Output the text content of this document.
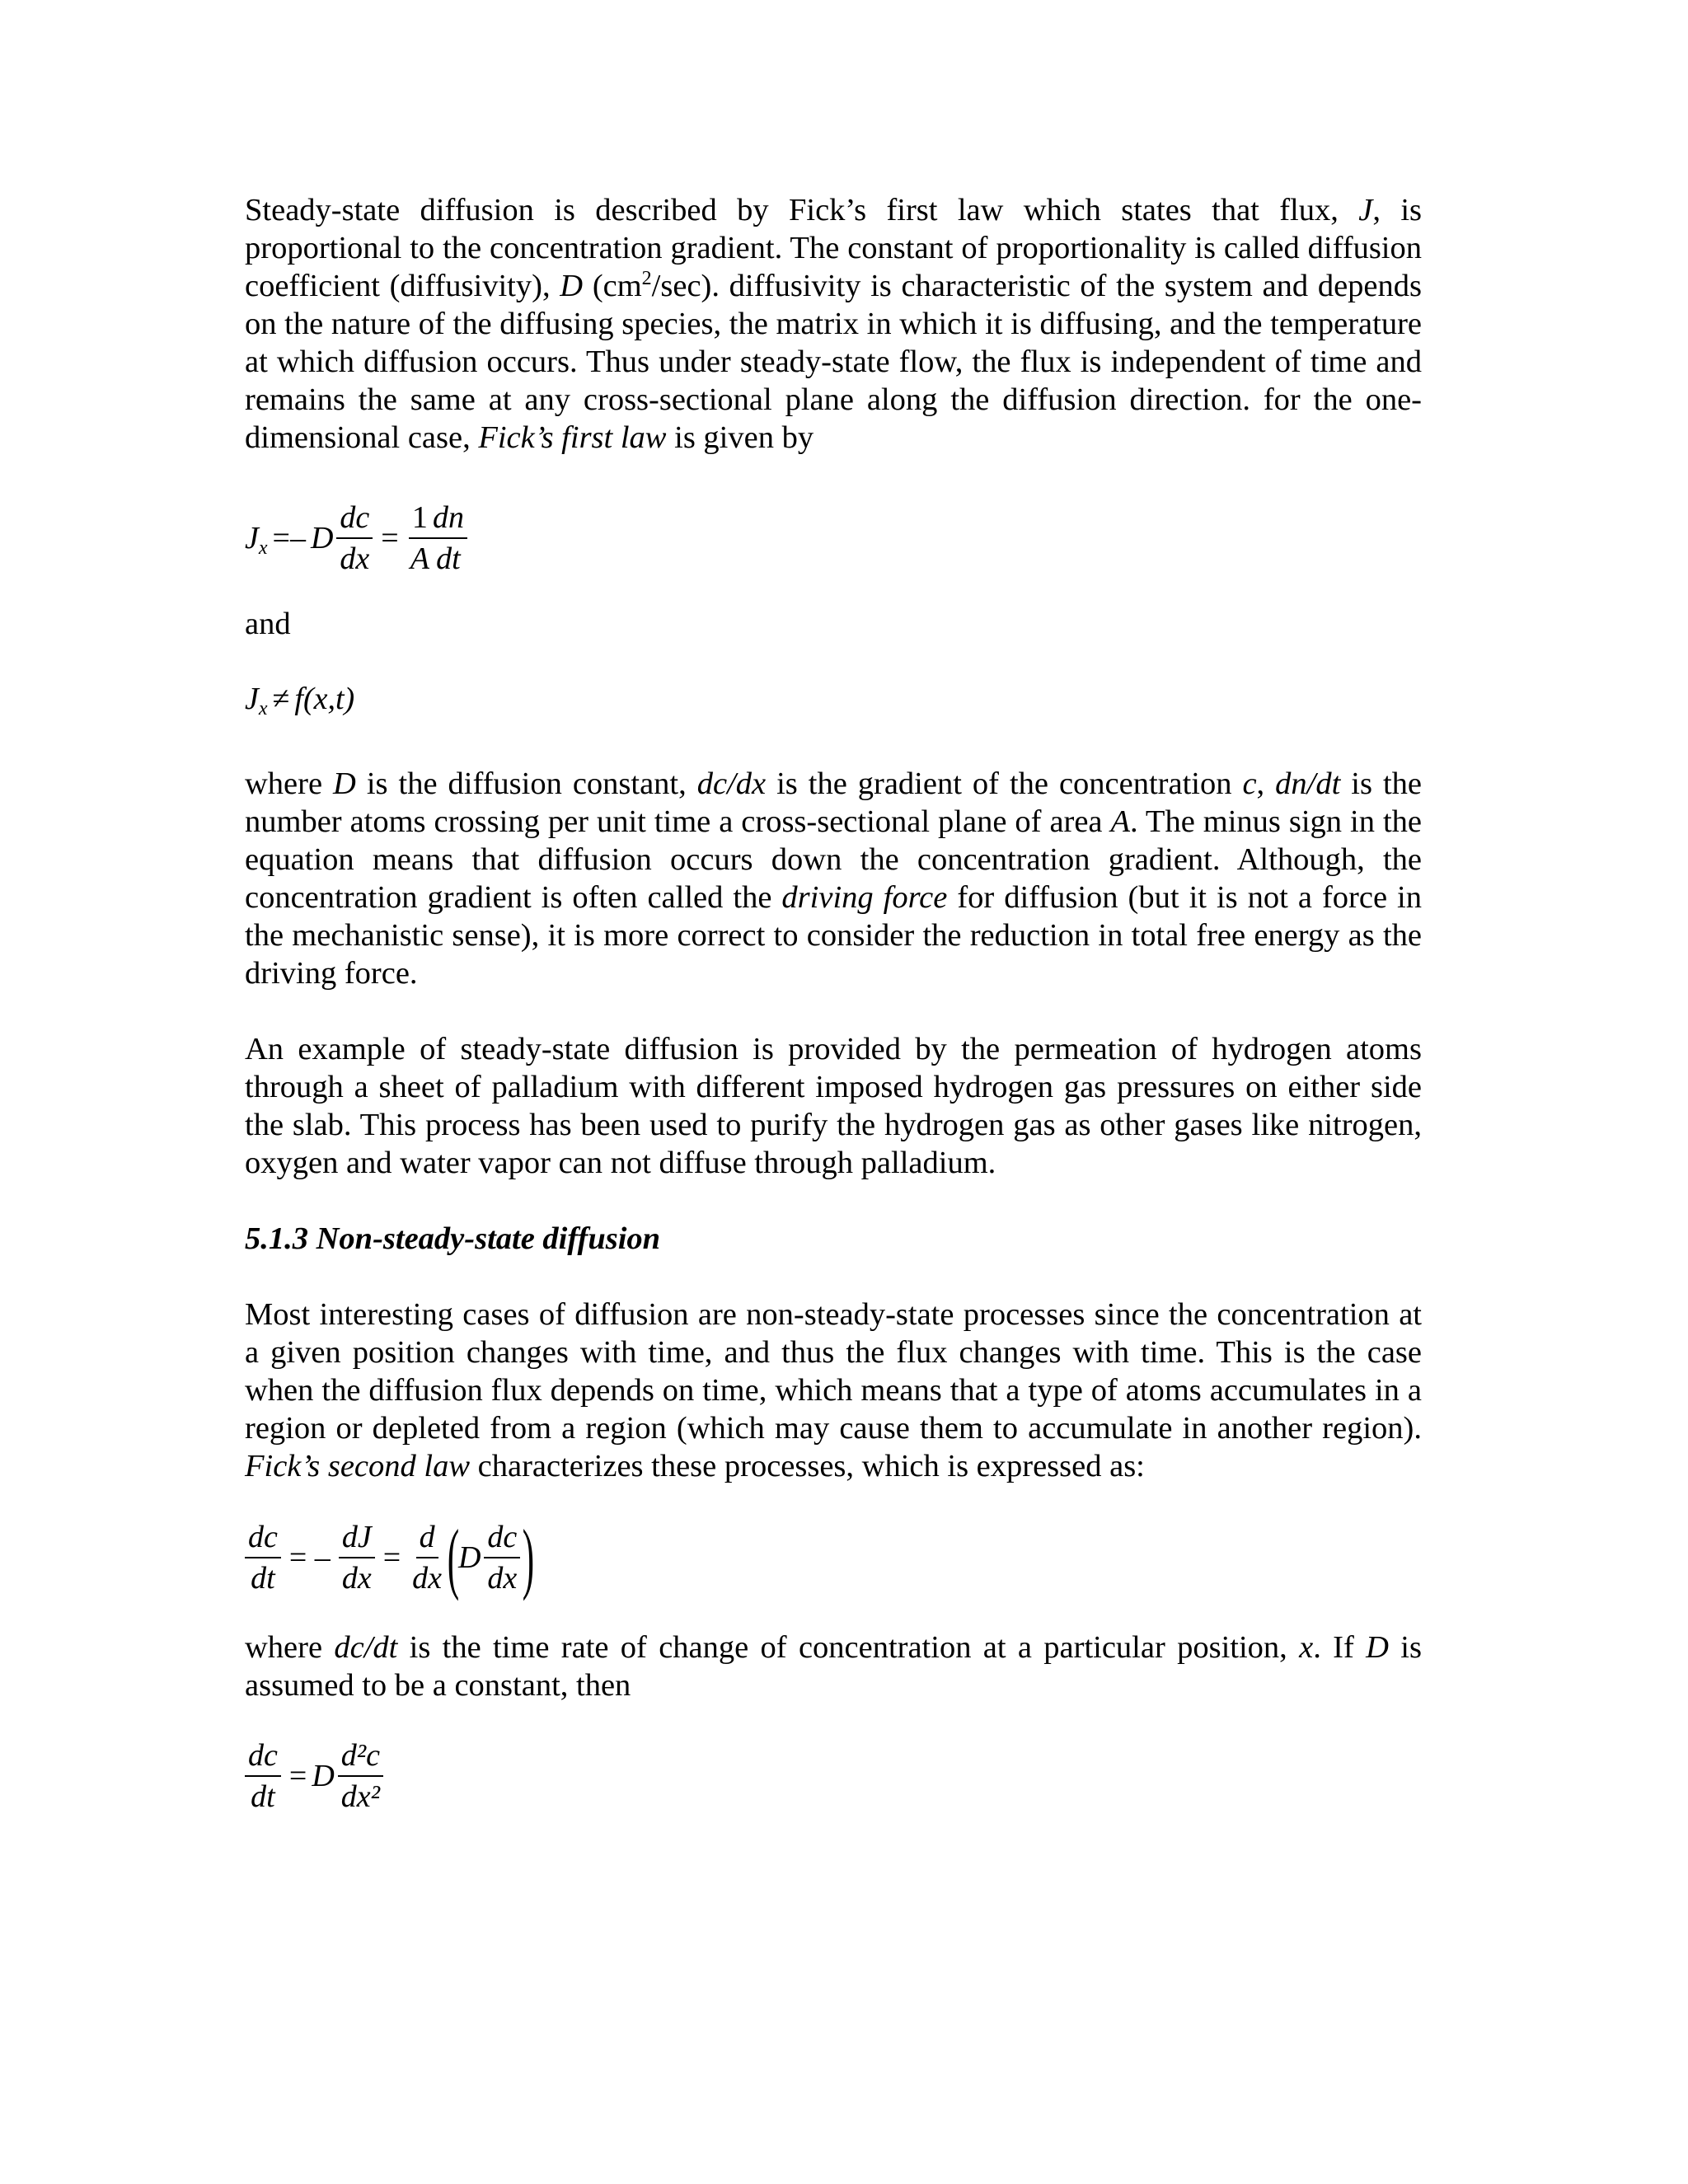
Steady-state diffusion is described by Fick’s first law which states that flux, J, is proportional to the concentration gradient. The constant of proportionality is called diffusion coefficient (diffusivity), D $(cm^2/\sec)$. diffusivity is characteristic of the system and depends on the nature of the diffusing species, the matrix in which it is diffusing, and the temperature at which diffusion occurs. Thus under steady-state flow, the flux is independent of time and remains the same at any cross-sectional plane along the diffusion direction. for the one-dimensional case, Fick’s first law is given by

J x =– D $\frac{dc}{dx} = \frac{1}{A}$
$\frac{dn}{dt}$

and

J x ≠ f (x,t)

where D is the diffusion constant, dc/dx is the gradient of the concentration c, dn/dt is the number atoms crossing per unit time a cross-sectional plane of area A. The minus sign in the equation means that diffusion occurs down the concentration gradient. Although, the concentration gradient is often called the driving force for diffusion (but it is not a force in the mechanistic sense), it is more correct to consider the reduction in total free energy as the driving force.

An example of steady-state diffusion is provided by the permeation of hydrogen atoms through a sheet of palladium with different imposed hydrogen gas pressures on either side the slab. This process has been used to purify the hydrogen gas as other gases like nitrogen, oxygen and water vapor can not diffuse through palladium.

5.1.3 Non-steady-state diffusion

Most interesting cases of diffusion are non-steady-state processes since the concentration at a given position changes with time, and thus the flux changes with time. This is the case when the diffusion flux depends on time, which means that a type of atoms accumulates in a region or depleted from a region (which may cause them to accumulate in another region). Fick’s second law characterizes these processes, which is expressed as:

$\frac{dc}{dt}$ = – $\frac{dJ}{dx} = \frac{d}{dx}$ (
D $\frac{dc}{dx}$ )

where dc/dt is the time rate of change of concentration at a particular position, x. If D is assumed to be a constant, then

$\frac{dc}{dt} = D \frac{\text{d²c}}{\text{dx²}}$
